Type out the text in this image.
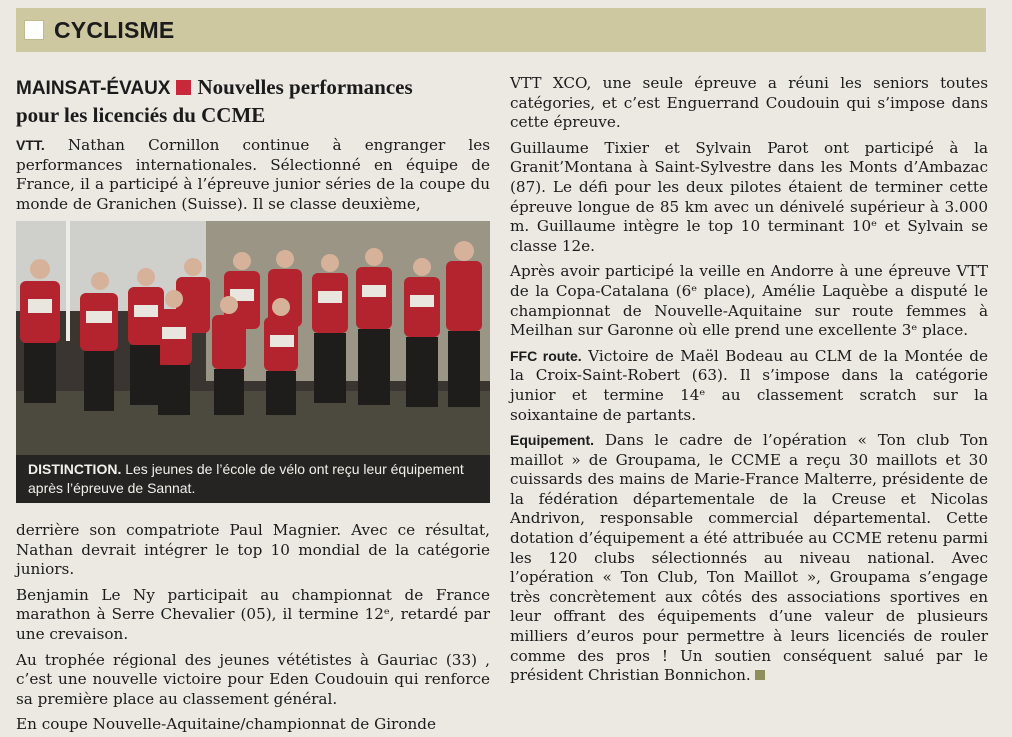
CYCLISME
MAINSAT-ÉVAUX Nouvelles performances
pour les licenciés du CCME

VTT. Nathan Cornillon continue à engranger les performances internationales. Sélectionné en équipe de France, il a participé à l’épreuve junior séries de la coupe du monde de Granichen (Suisse). Il se classe deuxième,

DISTINCTION. Les jeunes de l’école de vélo ont reçu leur équipement après l’épreuve de Sannat.

derrière son compatriote Paul Magnier. Avec ce résultat, Nathan devrait intégrer le top 10 mondial de la catégorie juniors.

Benjamin Le Ny participait au championnat de France marathon à Serre Chevalier (05), il termine 12ᵉ, retardé par une crevaison.

Au trophée régional des jeunes vététistes à Gauriac (33) , c’est une nouvelle victoire pour Eden Coudouin qui renforce sa première place au classement général.

En coupe Nouvelle-Aquitaine/championnat de Gironde

VTT XCO, une seule épreuve a réuni les seniors toutes catégories, et c’est Enguerrand Coudouin qui s’impose dans cette épreuve.

Guillaume Tixier et Sylvain Parot ont participé à la Granit’Montana à Saint-Sylvestre dans les Monts d’Ambazac (87). Le défi pour les deux pilotes étaient de terminer cette épreuve longue de 85 km avec un dénivelé supérieur à 3.000 m. Guillaume intègre le top 10 terminant 10ᵉ et Sylvain se classe 12e.

Après avoir participé la veille en Andorre à une épreuve VTT de la Copa-Catalana (6ᵉ place), Amélie Laquèbe a disputé le championnat de Nouvelle-Aquitaine sur route femmes à Meilhan sur Garonne où elle prend une excellente 3ᵉ place.

FFC route. Victoire de Maël Bodeau au CLM de la Montée de la Croix-Saint-Robert (63). Il s’impose dans la catégorie junior et termine 14ᵉ au classement scratch sur la soixantaine de partants.

Equipement. Dans le cadre de l’opération « Ton club Ton maillot » de Groupama, le CCME a reçu 30 maillots et 30 cuissards des mains de Marie-France Malterre, présidente de la fédération départementale de la Creuse et Nicolas Andrivon, responsable commercial départemental. Cette dotation d’équipement a été attribuée au CCME retenu parmi les 120 clubs sélectionnés au niveau national. Avec l’opération « Ton Club, Ton Maillot », Groupama s’engage très concrètement aux côtés des associations sportives en leur offrant des équipements d’une valeur de plusieurs milliers d’euros pour permettre à leurs licenciés de rouler comme des pros ! Un soutien conséquent salué par le président Christian Bonnichon.
